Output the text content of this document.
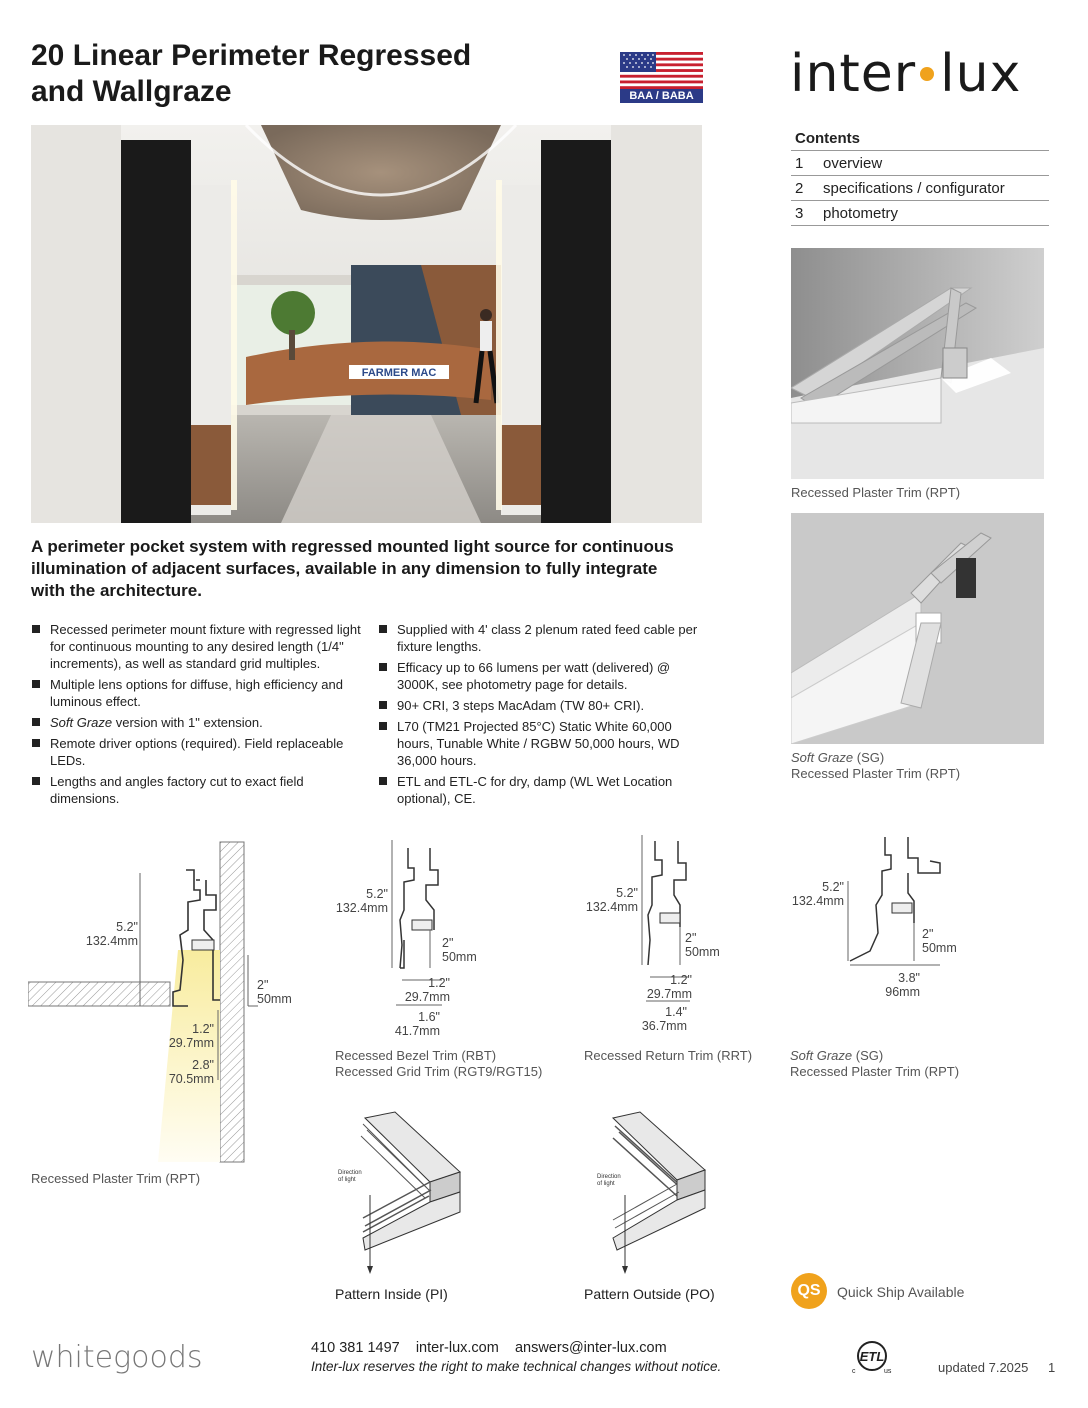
20 Linear Perimeter Regressed
and Wallgraze	BAA / BABA inter lux
FARMER MAC
Contents
1	overview
2	specifications / configurator
3	photometry
Recessed Plaster Trim (RPT)
Soft Graze (SG)
Recessed Plaster Trim (RPT)
A perimeter pocket system with regressed mounted light source for continuous illumination of adjacent surfaces, available in any dimension to fully integrate with the architecture.
Recessed perimeter mount fixture with regressed light for continuous mounting to any desired length (1/4" increments), as well as standard grid multiples.
Multiple lens options for diffuse, high efficiency and luminous effect.
Soft Graze version with 1" extension.
Remote driver options (required). Field replaceable LEDs.
Lengths and angles factory cut to exact field dimensions.
Supplied with 4' class 2 plenum rated feed cable per fixture lengths.
Efficacy up to 66 lumens per watt (delivered) @ 3000K, see photometry page for details.
90+ CRI, 3 steps MacAdam (TW 80+ CRI).
L70 (TM21 Projected 85°C) Static White 60,000 hours, Tunable White / RGBW 50,000 hours, WD 36,000 hours.
ETL and ETL-C for dry, damp (WL Wet Location optional), CE.
5.2"
132.4mm
2"
50mm
1.2"
29.7mm
2.8"
70.5mm
Recessed Plaster Trim (RPT)
5.2"
132.4mm
2"
50mm
1.2"
29.7mm
1.6"
41.7mm
Recessed Bezel Trim (RBT)
Recessed Grid Trim (RGT9/RGT15)
5.2"
132.4mm
2"
50mm
1.2"
29.7mm
1.4"
36.7mm
Recessed Return Trim (RRT)
5.2"
132.4mm
2"
50mm
3.8"
96mm
Soft Graze (SG)
Recessed Plaster Trim (RPT)
Direction
of light
Pattern Inside (PI)
Direction
of light
Pattern Outside (PO)	QS	Quick Ship Available
whitegoods	410 381 1497 inter-lux.com answers@inter-lux.com
Inter-lux reserves the right to make technical changes without notice.
ETL
c	us	updated 7.2025 1
